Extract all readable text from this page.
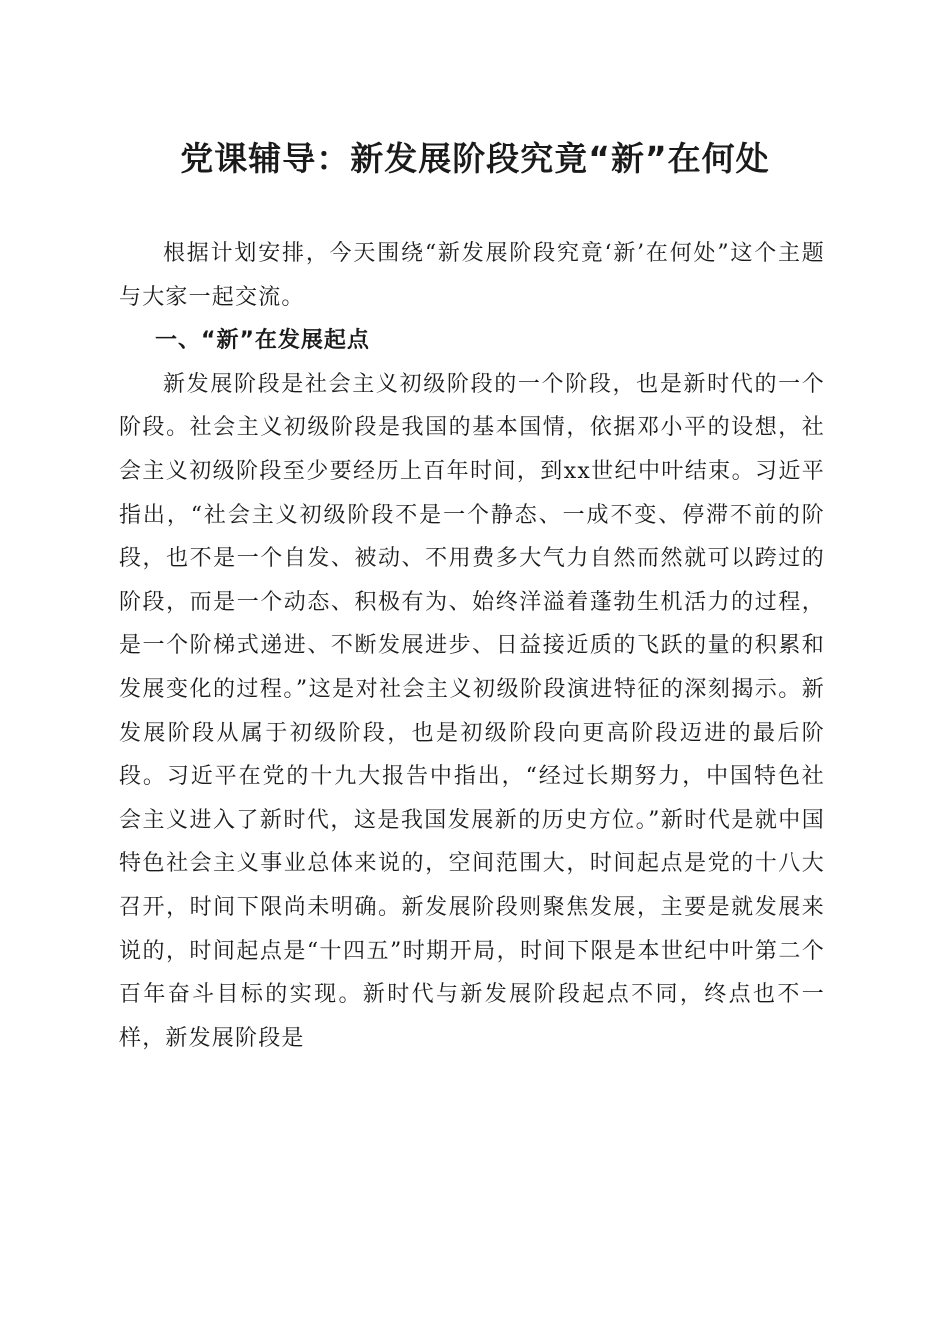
党课辅导：新发展阶段究竟“新”在何处

根据计划安排，今天围绕“新发展阶段究竟‘新’在何处”这个主题与大家一起交流。

一、“新”在发展起点

新发展阶段是社会主义初级阶段的一个阶段，也是新时代的一个阶段。社会主义初级阶段是我国的基本国情，依据邓小平的设想，社会主义初级阶段至少要经历上百年时间，到xx世纪中叶结束。习近平指出，“社会主义初级阶段不是一个静态、一成不变、停滞不前的阶段，也不是一个自发、被动、不用费多大气力自然而然就可以跨过的阶段，而是一个动态、积极有为、始终洋溢着蓬勃生机活力的过程，是一个阶梯式递进、不断发展进步、日益接近质的飞跃的量的积累和发展变化的过程。”这是对社会主义初级阶段演进特征的深刻揭示。新发展阶段从属于初级阶段，也是初级阶段向更高阶段迈进的最后阶段。习近平在党的十九大报告中指出，“经过长期努力，中国特色社会主义进入了新时代，这是我国发展新的历史方位。”新时代是就中国特色社会主义事业总体来说的，空间范围大，时间起点是党的十八大召开，时间下限尚未明确。新发展阶段则聚焦发展，主要是就发展来说的，时间起点是“十四五”时期开局，时间下限是本世纪中叶第二个百年奋斗目标的实现。新时代与新发展阶段起点不同，终点也不一样，新发展阶段是
